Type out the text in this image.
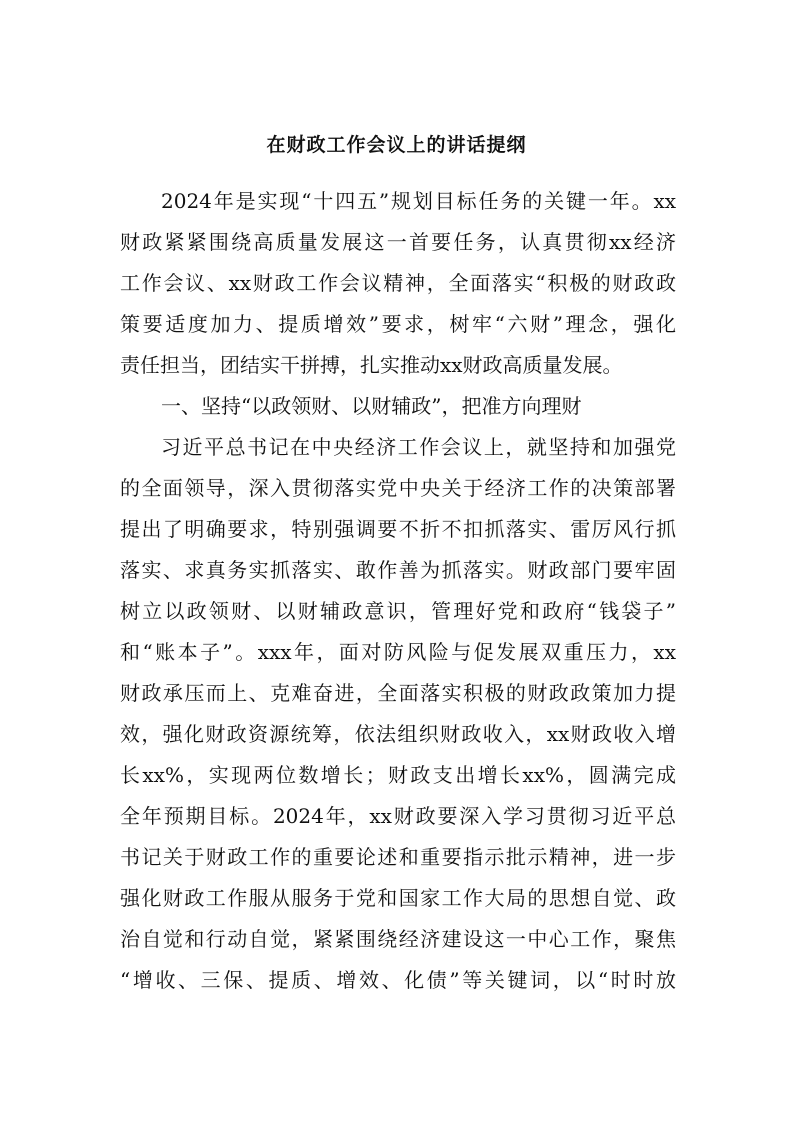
在财政工作会议上的讲话提纲
2024年是实现“十四五”规划目标任务的关键一年。xx
财政紧紧围绕高质量发展这一首要任务，认真贯彻xx经济
工作会议、xx财政工作会议精神，全面落实“积极的财政政
策要适度加力、提质增效”要求，树牢“六财”理念，强化
责任担当，团结实干拼搏，扎实推动xx财政高质量发展。
一、坚持“以政领财、以财辅政”，把准方向理财
习近平总书记在中央经济工作会议上，就坚持和加强党
的全面领导，深入贯彻落实党中央关于经济工作的决策部署
提出了明确要求，特别强调要不折不扣抓落实、雷厉风行抓
落实、求真务实抓落实、敢作善为抓落实。财政部门要牢固
树立以政领财、以财辅政意识，管理好党和政府“钱袋子”
和“账本子”。xxx年，面对防风险与促发展双重压力，xx
财政承压而上、克难奋进，全面落实积极的财政政策加力提
效，强化财政资源统筹，依法组织财政收入，xx财政收入增
长xx%，实现两位数增长；财政支出增长xx%，圆满完成
全年预期目标。2024年，xx财政要深入学习贯彻习近平总
书记关于财政工作的重要论述和重要指示批示精神，进一步
强化财政工作服从服务于党和国家工作大局的思想自觉、政
治自觉和行动自觉，紧紧围绕经济建设这一中心工作，聚焦
“增收、三保、提质、增效、化债”等关键词，以“时时放
